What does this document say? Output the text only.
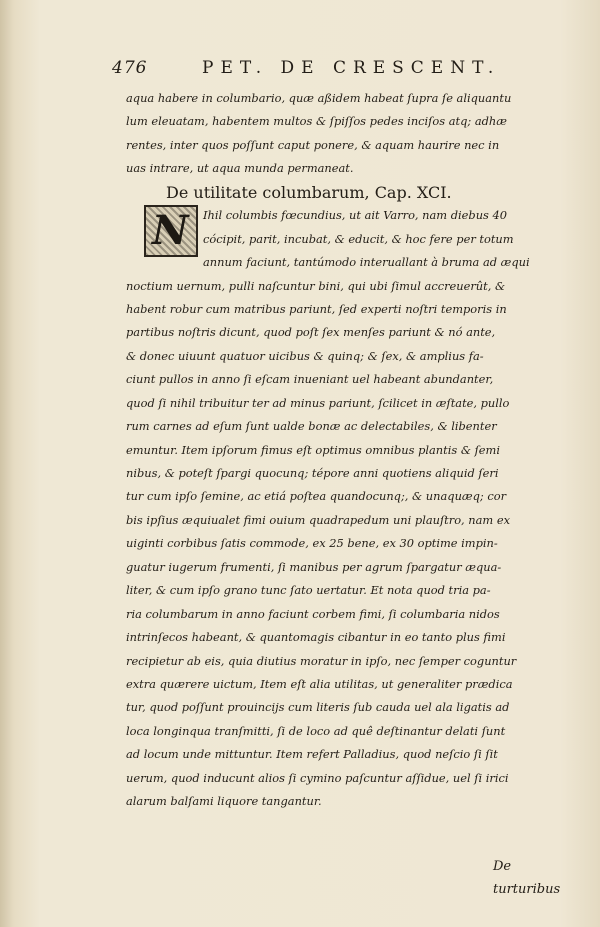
476	PET. DE CRESCENT.
aqua habere in columbario, quæ aßidem habeat ſupra ſe aliquantu
lum eleuatam, habentem multos & ſpiſſos pedes inciſos atq; adhæ
rentes, inter quos poſſunt caput ponere, & aquam haurire nec in
uas intrare, ut aqua munda permaneat.
De utilitate columbarum, Cap. XCI.
N	Ihil columbis fœcundius, ut ait Varro, nam diebus 40
cócipit, parit, incubat, & educit, & hoc fere per totum
annum faciunt, tantúmodo interuallant à bruma ad æqui
noctium uernum, pulli naſcuntur bini, qui ubi ſimul accreuerût, &
habent robur cum matribus pariunt, ſed experti noſtri temporis in
partibus noſtris dicunt, quod poſt ſex menſes pariunt & nó ante,
& donec uiuunt quatuor uicibus & quinq; & ſex, & amplius fa-
ciunt pullos in anno ſi eſcam inueniant uel habeant abundanter,
quod ſi nihil tribuitur ter ad minus pariunt, ſcilicet in æſtate, pullo
rum carnes ad eſum ſunt ualde bonæ ac delectabiles, & libenter
emuntur. Item ipſorum fimus eſt optimus omnibus plantis & ſemi
nibus, & poteſt ſpargi quocunq; tépore anni quotiens aliquid ſeri
tur cum ipſo ſemine, ac etiá poſtea quandocunq;, & unaquæq; cor
bis ipſius æquiualet fimi ouium quadrapedum uni plauſtro, nam ex
uiginti corbibus ſatis commode, ex 25 bene, ex 30 optime impin-
guatur iugerum frumenti, ſi manibus per agrum ſpargatur æqua-
liter, & cum ipſo grano tunc ſato uertatur. Et nota quod tria pa-
ria columbarum in anno faciunt corbem fimi, ſi columbaria nidos
intrinſecos habeant, & quantomagis cibantur in eo tanto plus fimi
recipietur ab eis, quia diutius moratur in ipſo, nec ſemper coguntur
extra quærere uictum, Item eſt alia utilitas, ut generaliter prædica
tur, quod poſſunt prouincijs cum literis ſub cauda uel ala ligatis ad
loca longinqua tranſmitti, ſi de loco ad quê deſtinantur delati ſunt
ad locum unde mittuntur. Item refert Palladius, quod neſcio ſi ſit
uerum, quod inducunt alios ſi cymino paſcuntur aſſidue, uel ſi irici
alarum balſami liquore tangantur.
De turturibus
